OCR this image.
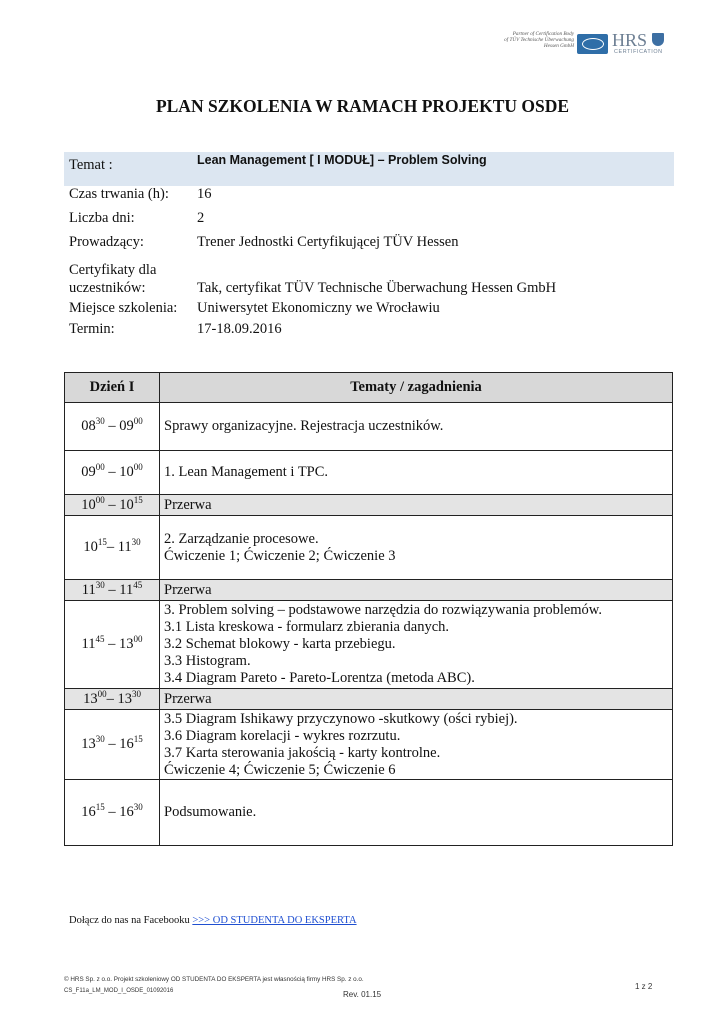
Partner of Certification Body
of TÜV Technische Überwachung
Hessen GmbH HRS
CERTIFICATION
PLAN SZKOLENIA W RAMACH PROJEKTU OSDE
Temat :	Lean Management [ I MODUŁ] – Problem Solving
Czas trwania (h): 16
Liczba dni:	2
Prowadzący:	Trener Jednostki Certyfikującej TÜV Hessen
Certyfikaty dla
uczestników:	Tak, certyfikat TÜV Technische Überwachung Hessen GmbH
Miejsce szkolenia: Uniwersytet Ekonomiczny we Wrocławiu
Termin:	17-18.09.2016
Dzień I	Tematy / zagadnienia
$08^{30} - 09^{00}$	Sprawy organizacyjne. Rejestracja uczestników.

$09^{00} - 10^{00}$	1. Lean Management i TPC.

$10^{00} - 10^{15}$	Przerwa

$10^{15}-$ $11^{30}$	2. Zarządzanie procesowe.
Ćwiczenie 1; Ćwiczenie 2; Ćwiczenie 3

$11^{30} - 11^{45}$	Przerwa

$11^{45} - 13^{00}$	3. Problem solving – podstawowe narzędzia do rozwiązywania problemów.
3.1 Lista kreskowa - formularz zbierania danych.
3.2 Schemat blokowy - karta przebiegu.
3.3 Histogram.
3.4 Diagram Pareto - Pareto-Lorentza (metoda ABC).

$13^{00}-$ $13^{30}$	Przerwa

$13^{30} - 16^{15}$	3.5 Diagram Ishikawy przyczynowo -skutkowy (ości rybiej).
3.6 Diagram korelacji - wykres rozrzutu.
3.7 Karta sterowania jakością - karty kontrolne.
Ćwiczenie 4; Ćwiczenie 5; Ćwiczenie 6

$16^{15} - 16^{30}$	Podsumowanie.
Dołącz do nas na Facebooku >>> OD STUDENTA DO EKSPERTA
© HRS Sp. z o.o. Projekt szkoleniowy OD STUDENTA DO EKSPERTA jest własnością firmy HRS Sp. z o.o.
CS_F11a_LM_MOD_I_OSDE_01092016	Rev. 01.15
1 z 2
